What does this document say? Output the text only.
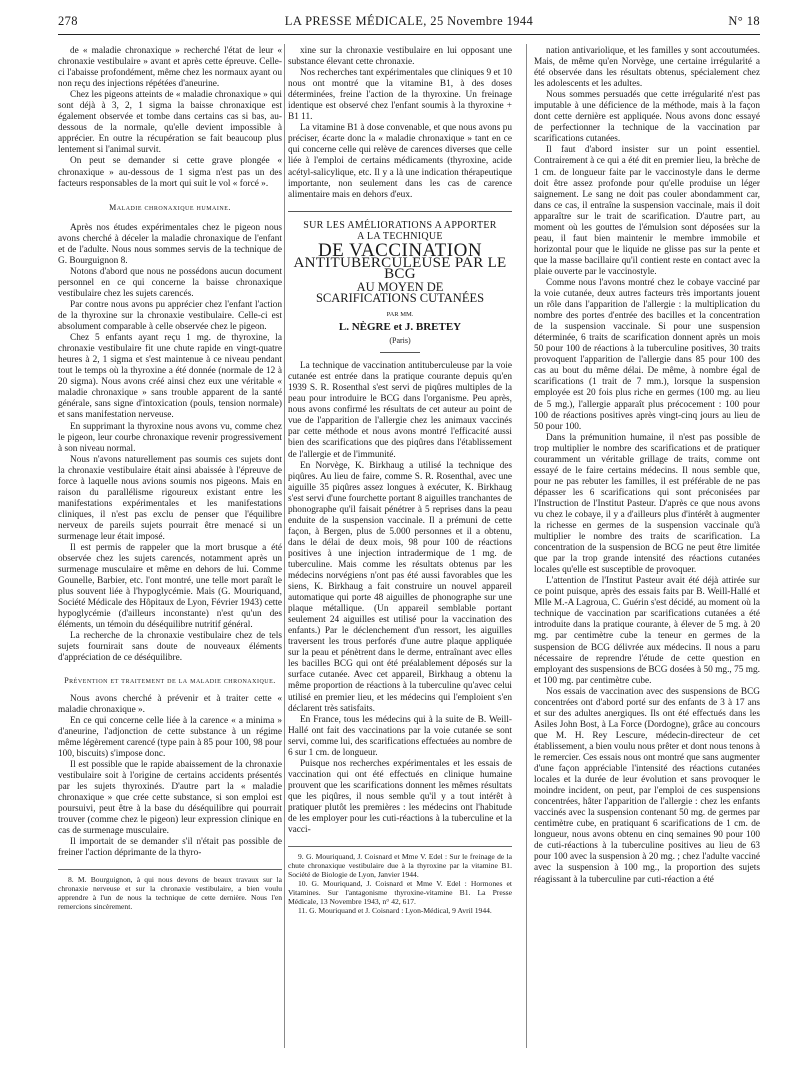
278	LA PRESSE MÉDICALE, 25 Novembre 1944	N° 18

de « maladie chronaxique » recherché l'état de leur « chronaxie vestibulaire » avant et après cette épreuve. Celle-ci l'abaisse profondément, même chez les normaux ayant ou non reçu des injections répétées d'aneurine.

Chez les pigeons atteints de « maladie chronaxique » qui sont déjà à 3, 2, 1 sigma la baisse chronaxique est également observée et tombe dans certains cas si bas, au-dessous de la normale, qu'elle devient impossible à apprécier. En outre la récupération se fait beaucoup plus lentement si l'animal survit.

On peut se demander si cette grave plongée « chronaxique » au-dessous de 1 sigma n'est pas un des facteurs responsables de la mort qui suit le vol « forcé ».

Maladie chronaxique humaine.

Après nos études expérimentales chez le pigeon nous avons cherché à déceler la maladie chronaxique de l'enfant et de l'adulte. Nous nous sommes servis de la technique de G. Bourguignon 8.

Notons d'abord que nous ne possédons aucun document personnel en ce qui concerne la baisse chronaxique vestibulaire chez les sujets carencés.

Par contre nous avons pu apprécier chez l'enfant l'action de la thyroxine sur la chronaxie vestibulaire. Celle-ci est absolument comparable à celle observée chez le pigeon.

Chez 5 enfants ayant reçu 1 mg. de thyroxine, la chronaxie vestibulaire fit une chute rapide en vingt-quatre heures à 2, 1 sigma et s'est maintenue à ce niveau pendant tout le temps où la thyroxine a été donnée (normale de 12 à 20 sigma). Nous avons créé ainsi chez eux une véritable « maladie chronaxique » sans trouble apparent de la santé générale, sans signe d'intoxication (pouls, tension normale) et sans manifestation nerveuse.

En supprimant la thyroxine nous avons vu, comme chez le pigeon, leur courbe chronaxique revenir progressivement à son niveau normal.

Nous n'avons naturellement pas soumis ces sujets dont la chronaxie vestibulaire était ainsi abaissée à l'épreuve de force à laquelle nous avions soumis nos pigeons. Mais en raison du parallélisme rigoureux existant entre les manifestations expérimentales et les manifestations cliniques, il n'est pas exclu de penser que l'équilibre nerveux de pareils sujets pourrait être menacé si un surmenage leur était imposé.

Il est permis de rappeler que la mort brusque a été observée chez les sujets carencés, notamment après un surmenage musculaire et même en dehors de lui. Comme Gounelle, Barbier, etc. l'ont montré, une telle mort paraît le plus souvent liée à l'hypoglycémie. Mais (G. Mouriquand, Société Médicale des Hôpitaux de Lyon, Février 1943) cette hypoglycémie (d'ailleurs inconstante) n'est qu'un des éléments, un témoin du déséquilibre nutritif général.

La recherche de la chronaxie vestibulaire chez de tels sujets fournirait sans doute de nouveaux éléments d'appréciation de ce déséquilibre.

Prévention et traitement de la maladie chronaxique.

Nous avons cherché à prévenir et à traiter cette « maladie chronaxique ».

En ce qui concerne celle liée à la carence « a minima » d'aneurine, l'adjonction de cette substance à un régime même légèrement carencé (type pain à 85 pour 100, 98 pour 100, biscuits) s'impose donc.

Il est possible que le rapide abaissement de la chronaxie vestibulaire soit à l'origine de certains accidents présentés par les sujets thyroxinés. D'autre part la « maladie chronaxique » que crée cette substance, si son emploi est poursuivi, peut être à la base du déséquilibre qui pourrait trouver (comme chez le pigeon) leur expression clinique en cas de surmenage musculaire.

Il importait de se demander s'il n'était pas possible de freiner l'action déprimante de la thyro-

8. M. Bourguignon, à qui nous devons de beaux travaux sur la chronaxie nerveuse et sur la chronaxie vestibulaire, a bien voulu apprendre à l'un de nous la technique de cette dernière. Nous l'en remercions sincèrement.

xine sur la chronaxie vestibulaire en lui opposant une substance élevant cette chronaxie.

Nos recherches tant expérimentales que cliniques 9 et 10 nous ont montré que la vitamine B1, à des doses déterminées, freine l'action de la thyroxine. Un freinage identique est observé chez l'enfant soumis à la thyroxine + B1 11.

La vitamine B1 à dose convenable, et que nous avons pu préciser, écarte donc la « maladie chronaxique » tant en ce qui concerne celle qui relève de carences diverses que celle liée à l'emploi de certains médicaments (thyroxine, acide acétyl-salicylique, etc. Il y a là une indication thérapeutique importante, non seulement dans les cas de carence alimentaire mais en dehors d'eux.

SUR LES AMÉLIORATIONS A APPORTER
A LA TECHNIQUE
DE VACCINATION
ANTITUBERCULEUSE PAR LE BCG
AU MOYEN DE
SCARIFICATIONS CUTANÉES
PAR MM.
L. NÈGRE et J. BRETEY
(Paris)

La technique de vaccination antituberculeuse par la voie cutanée est entrée dans la pratique courante depuis qu'en 1939 S. R. Rosenthal s'est servi de piqûres multiples de la peau pour introduire le BCG dans l'organisme. Peu après, nous avons confirmé les résultats de cet auteur au point de vue de l'apparition de l'allergie chez les animaux vaccinés par cette méthode et nous avons montré l'efficacité aussi bien des scarifications que des piqûres dans l'établissement de l'allergie et de l'immunité.

En Norvège, K. Birkhaug a utilisé la technique des piqûres. Au lieu de faire, comme S. R. Rosenthal, avec une aiguille 35 piqûres assez longues à exécuter, K. Birkhaug s'est servi d'une fourchette portant 8 aiguilles tranchantes de phonographe qu'il faisait pénétrer à 5 reprises dans la peau enduite de la suspension vaccinale. Il a prémuni de cette façon, à Bergen, plus de 5.000 personnes et il a obtenu, dans le délai de deux mois, 98 pour 100 de réactions positives à une injection intradermique de 1 mg. de tuberculine. Mais comme les résultats obtenus par les médecins norvégiens n'ont pas été aussi favorables que les siens, K. Birkhaug a fait construire un nouvel appareil automatique qui porte 48 aiguilles de phonographe sur une plaque métallique. (Un appareil semblable portant seulement 24 aiguilles est utilisé pour la vaccination des enfants.) Par le déclenchement d'un ressort, les aiguilles traversent les trous perforés d'une autre plaque appliquée sur la peau et pénètrent dans le derme, entraînant avec elles les bacilles BCG qui ont été préalablement déposés sur la surface cutanée. Avec cet appareil, Birkhaug a obtenu la même proportion de réactions à la tuberculine qu'avec celui utilisé en premier lieu, et les médecins qui l'emploient s'en déclarent très satisfaits.

En France, tous les médecins qui à la suite de B. Weill-Hallé ont fait des vaccinations par la voie cutanée se sont servi, comme lui, des scarifications effectuées au nombre de 6 sur 1 cm. de longueur.

Puisque nos recherches expérimentales et les essais de vaccination qui ont été effectués en clinique humaine prouvent que les scarifications donnent les mêmes résultats que les piqûres, il nous semble qu'il y a tout intérêt à pratiquer plutôt les premières : les médecins ont l'habitude de les employer pour les cuti-réactions à la tuberculine et la vacci-

9. G. Mouriquand, J. Coisnard et Mme V. Edel : Sur le freinage de la chute chronaxique vestibulaire due à la thyroxine par la vitamine B1. Société de Biologie de Lyon, Janvier 1944.

10. G. Mouriquand, J. Coisnard et Mme V. Edel : Hormones et Vitamines. Sur l'antagonisme thyroxine-vitamine B1. La Presse Médicale, 13 Novembre 1943, n° 42, 617.

11. G. Mouriquand et J. Coisnard : Lyon-Médical, 9 Avril 1944.

nation antivariolique, et les familles y sont accoutumées. Mais, de même qu'en Norvège, une certaine irrégularité a été observée dans les résultats obtenus, spécialement chez les adolescents et les adultes.

Nous sommes persuadés que cette irrégularité n'est pas imputable à une déficience de la méthode, mais à la façon dont cette dernière est appliquée. Nous avons donc essayé de perfectionner la technique de la vaccination par scarifications cutanées.

Il faut d'abord insister sur un point essentiel. Contrairement à ce qui a été dit en premier lieu, la brèche de 1 cm. de longueur faite par le vaccinostyle dans le derme doit être assez profonde pour qu'elle produise un léger saignement. Le sang ne doit pas couler abondamment car, dans ce cas, il entraîne la suspension vaccinale, mais il doit apparaître sur le trait de scarification. D'autre part, au moment où les gouttes de l'émulsion sont déposées sur la peau, il faut bien maintenir le membre immobile et horizontal pour que le liquide ne glisse pas sur la pente et que la masse bacillaire qu'il contient reste en contact avec la plaie ouverte par le vaccinostyle.

Comme nous l'avons montré chez le cobaye vacciné par la voie cutanée, deux autres facteurs très importants jouent un rôle dans l'apparition de l'allergie : la multiplication du nombre des portes d'entrée des bacilles et la concentration de la suspension vaccinale. Si pour une suspension déterminée, 6 traits de scarification donnent après un mois 50 pour 100 de réactions à la tuberculine positives, 30 traits provoquent l'apparition de l'allergie dans 85 pour 100 des cas au bout du même délai. De même, à nombre égal de scarifications (1 trait de 7 mm.), lorsque la suspension employée est 20 fois plus riche en germes (100 mg. au lieu de 5 mg.), l'allergie apparaît plus précocement : 100 pour 100 de réactions positives après vingt-cinq jours au lieu de 50 pour 100.

Dans la prémunition humaine, il n'est pas possible de trop multiplier le nombre des scarifications et de pratiquer couramment un véritable grillage de traits, comme ont essayé de le faire certains médecins. Il nous semble que, pour ne pas rebuter les familles, il est préférable de ne pas dépasser les 6 scarifications qui sont préconisées par l'Instruction de l'Institut Pasteur. D'après ce que nous avons vu chez le cobaye, il y a d'ailleurs plus d'intérêt à augmenter la richesse en germes de la suspension vaccinale qu'à multiplier le nombre des traits de scarification. La concentration de la suspension de BCG ne peut être limitée que par la trop grande intensité des réactions cutanées locales qu'elle est susceptible de provoquer.

L'attention de l'Institut Pasteur avait été déjà attirée sur ce point puisque, après des essais faits par B. Weill-Hallé et Mlle M.-A Lagroua, C. Guérin s'est décidé, au moment où la technique de vaccination par scarifications cutanées a été introduite dans la pratique courante, à élever de 5 mg. à 20 mg. par centimètre cube la teneur en germes de la suspension de BCG délivrée aux médecins. Il nous a paru nécessaire de reprendre l'étude de cette question en employant des suspensions de BCG dosées à 50 mg., 75 mg. et 100 mg. par centimètre cube.

Nos essais de vaccination avec des suspensions de BCG concentrées ont d'abord porté sur des enfants de 3 à 17 ans et sur des adultes anergiques. Ils ont été effectués dans les Asiles John Bost, à La Force (Dordogne), grâce au concours que M. H. Rey Lescure, médecin-directeur de cet établissement, a bien voulu nous prêter et dont nous tenons à le remercier. Ces essais nous ont montré que sans augmenter d'une façon appréciable l'intensité des réactions cutanées locales et la durée de leur évolution et sans provoquer le moindre incident, on peut, par l'emploi de ces suspensions concentrées, hâter l'apparition de l'allergie : chez les enfants vaccinés avec la suspension contenant 50 mg. de germes par centimètre cube, en pratiquant 6 scarifications de 1 cm. de longueur, nous avons obtenu en cinq semaines 90 pour 100 de cuti-réactions à la tuberculine positives au lieu de 63 pour 100 avec la suspension à 20 mg. ; chez l'adulte vacciné avec la suspension à 100 mg., la proportion des sujets réagissant à la tuberculine par cuti-réaction a été
